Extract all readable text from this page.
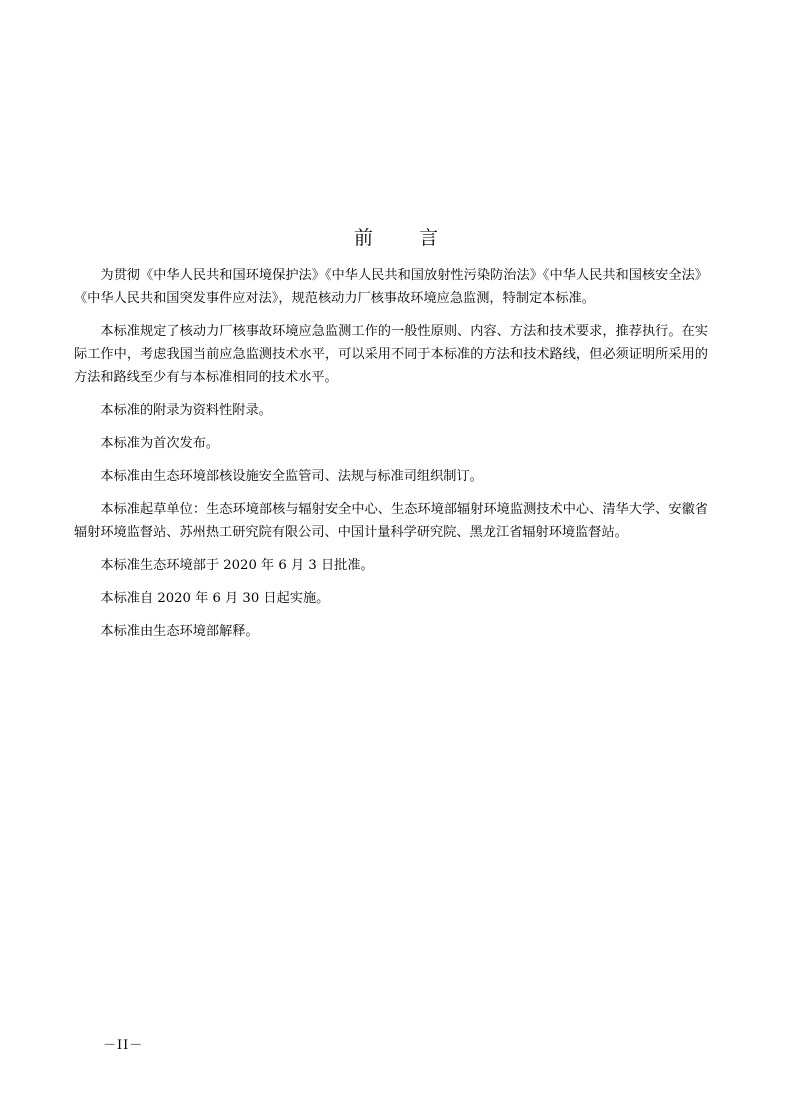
前 言

为贯彻《中华人民共和国环境保护法》《中华人民共和国放射性污染防治法》《中华人民共和国核安全法》《中华人民共和国突发事件应对法》，规范核动力厂核事故环境应急监测，特制定本标准。

本标准规定了核动力厂核事故环境应急监测工作的一般性原则、内容、方法和技术要求，推荐执行。在实际工作中，考虑我国当前应急监测技术水平，可以采用不同于本标准的方法和技术路线，但必须证明所采用的方法和路线至少有与本标准相同的技术水平。

本标准的附录为资料性附录。

本标准为首次发布。

本标准由生态环境部核设施安全监管司、法规与标准司组织制订。

本标准起草单位：生态环境部核与辐射安全中心、生态环境部辐射环境监测技术中心、清华大学、安徽省辐射环境监督站、苏州热工研究院有限公司、中国计量科学研究院、黑龙江省辐射环境监督站。

本标准生态环境部于 2020 年 6 月 3 日批准。

本标准自 2020 年 6 月 30 日起实施。

本标准由生态环境部解释。

－II－
